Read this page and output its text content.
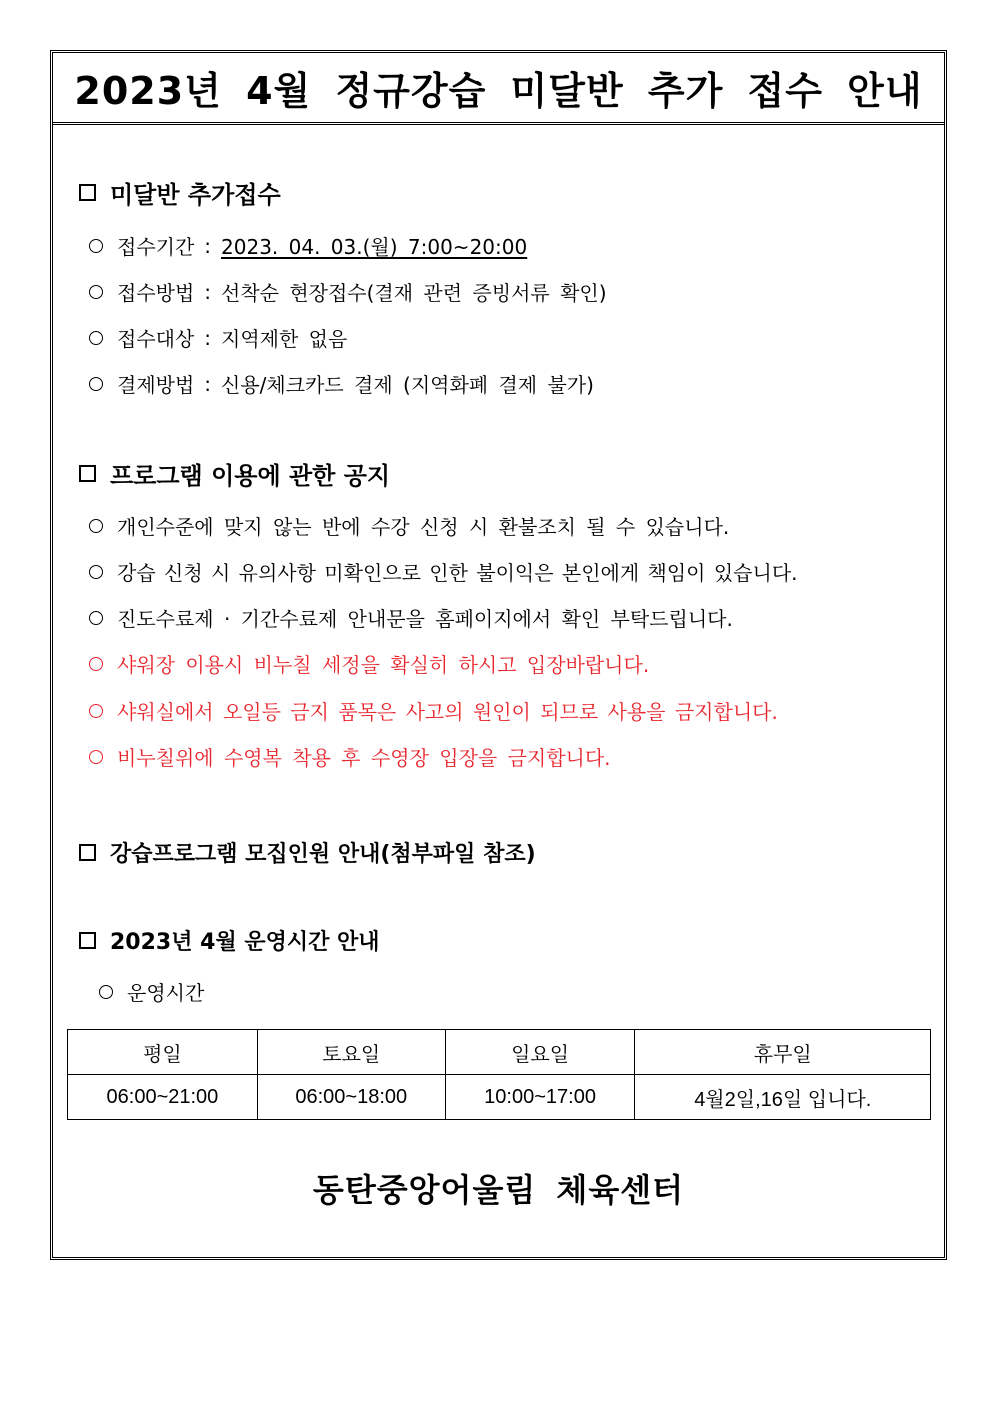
2023년 4월 정규강습 미달반 추가 접수 안내
미달반 추가접수
접수기간 : 2023. 04. 03.(월) 7:00~20:00
접수방법 : 선착순 현장접수(결재 관련 증빙서류 확인)
접수대상 : 지역제한 없음
결제방법 : 신용/체크카드 결제 (지역화폐 결제 불가)
프로그램 이용에 관한 공지
개인수준에 맞지 않는 반에 수강 신청 시 환불조치 될 수 있습니다.
강습 신청 시 유의사항 미확인으로 인한 불이익은 본인에게 책임이 있습니다.
진도수료제 · 기간수료제 안내문을 홈페이지에서 확인 부탁드립니다.
샤워장 이용시 비누칠 세정을 확실히 하시고 입장바랍니다.
샤워실에서 오일등 금지 품목은 사고의 원인이 되므로 사용을 금지합니다.
비누칠위에 수영복 착용 후 수영장 입장을 금지합니다.
강습프로그램 모집인원 안내(첨부파일 참조)
2023년 4월 운영시간 안내
운영시간
평일	토요일	일요일	휴무일
06:00~21:00	06:00~18:00	10:00~17:00	4월2일,16일 입니다.
동탄중앙어울림 체육센터
